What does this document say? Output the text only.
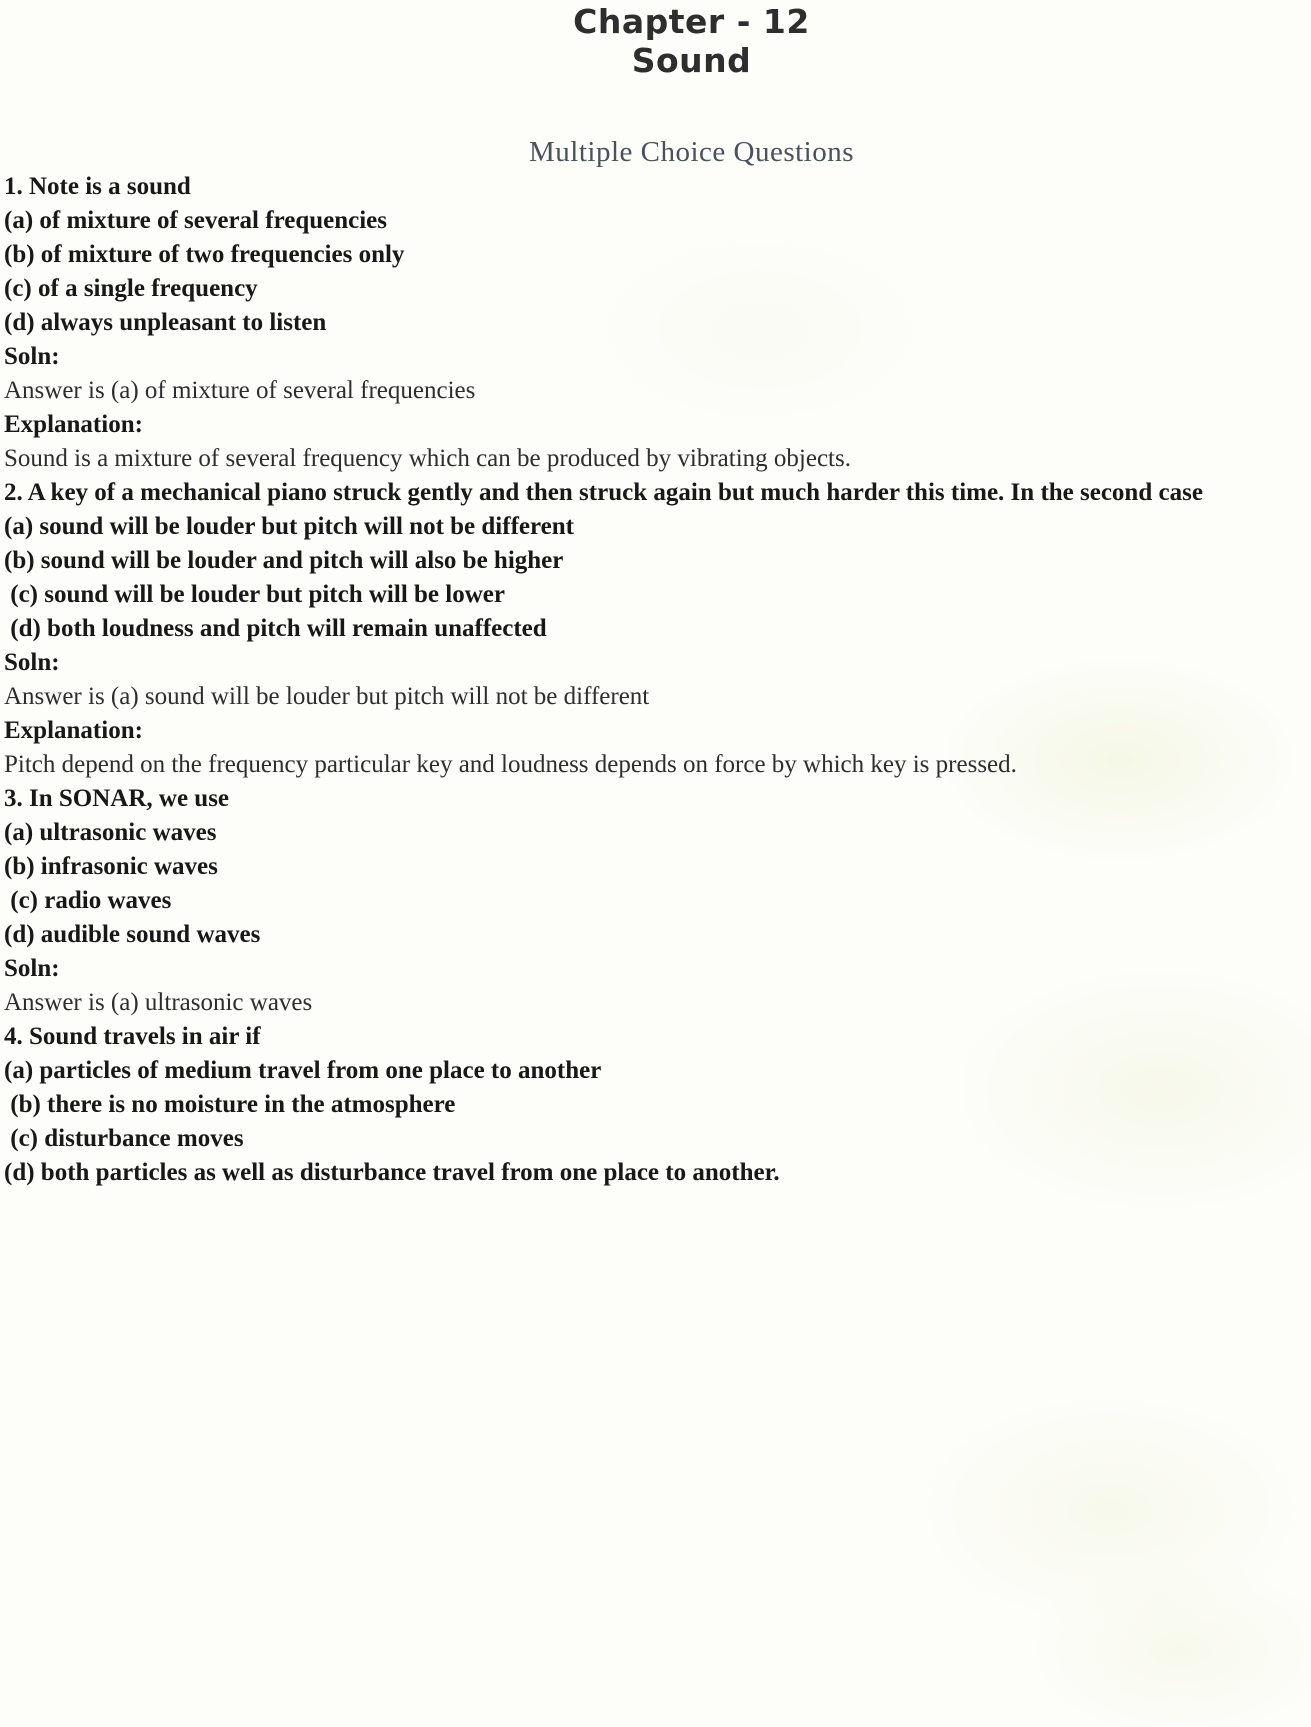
Chapter - 12
Sound
Multiple Choice Questions

1. Note is a sound

(a) of mixture of several frequencies

(b) of mixture of two frequencies only

(c) of a single frequency

(d) always unpleasant to listen

Soln:

Answer is (a) of mixture of several frequencies

Explanation:

Sound is a mixture of several frequency which can be produced by vibrating objects.

2. A key of a mechanical piano struck gently and then struck again but much harder this time. In the second case

(a) sound will be louder but pitch will not be different

(b) sound will be louder and pitch will also be higher

(c) sound will be louder but pitch will be lower

(d) both loudness and pitch will remain unaffected

Soln:

Answer is (a) sound will be louder but pitch will not be different

Explanation:

Pitch depend on the frequency particular key and loudness depends on force by which key is pressed.

3. In SONAR, we use

(a) ultrasonic waves

(b) infrasonic waves

(c) radio waves

(d) audible sound waves

Soln:

Answer is (a) ultrasonic waves

4. Sound travels in air if

(a) particles of medium travel from one place to another

(b) there is no moisture in the atmosphere

(c) disturbance moves

(d) both particles as well as disturbance travel from one place to another.
